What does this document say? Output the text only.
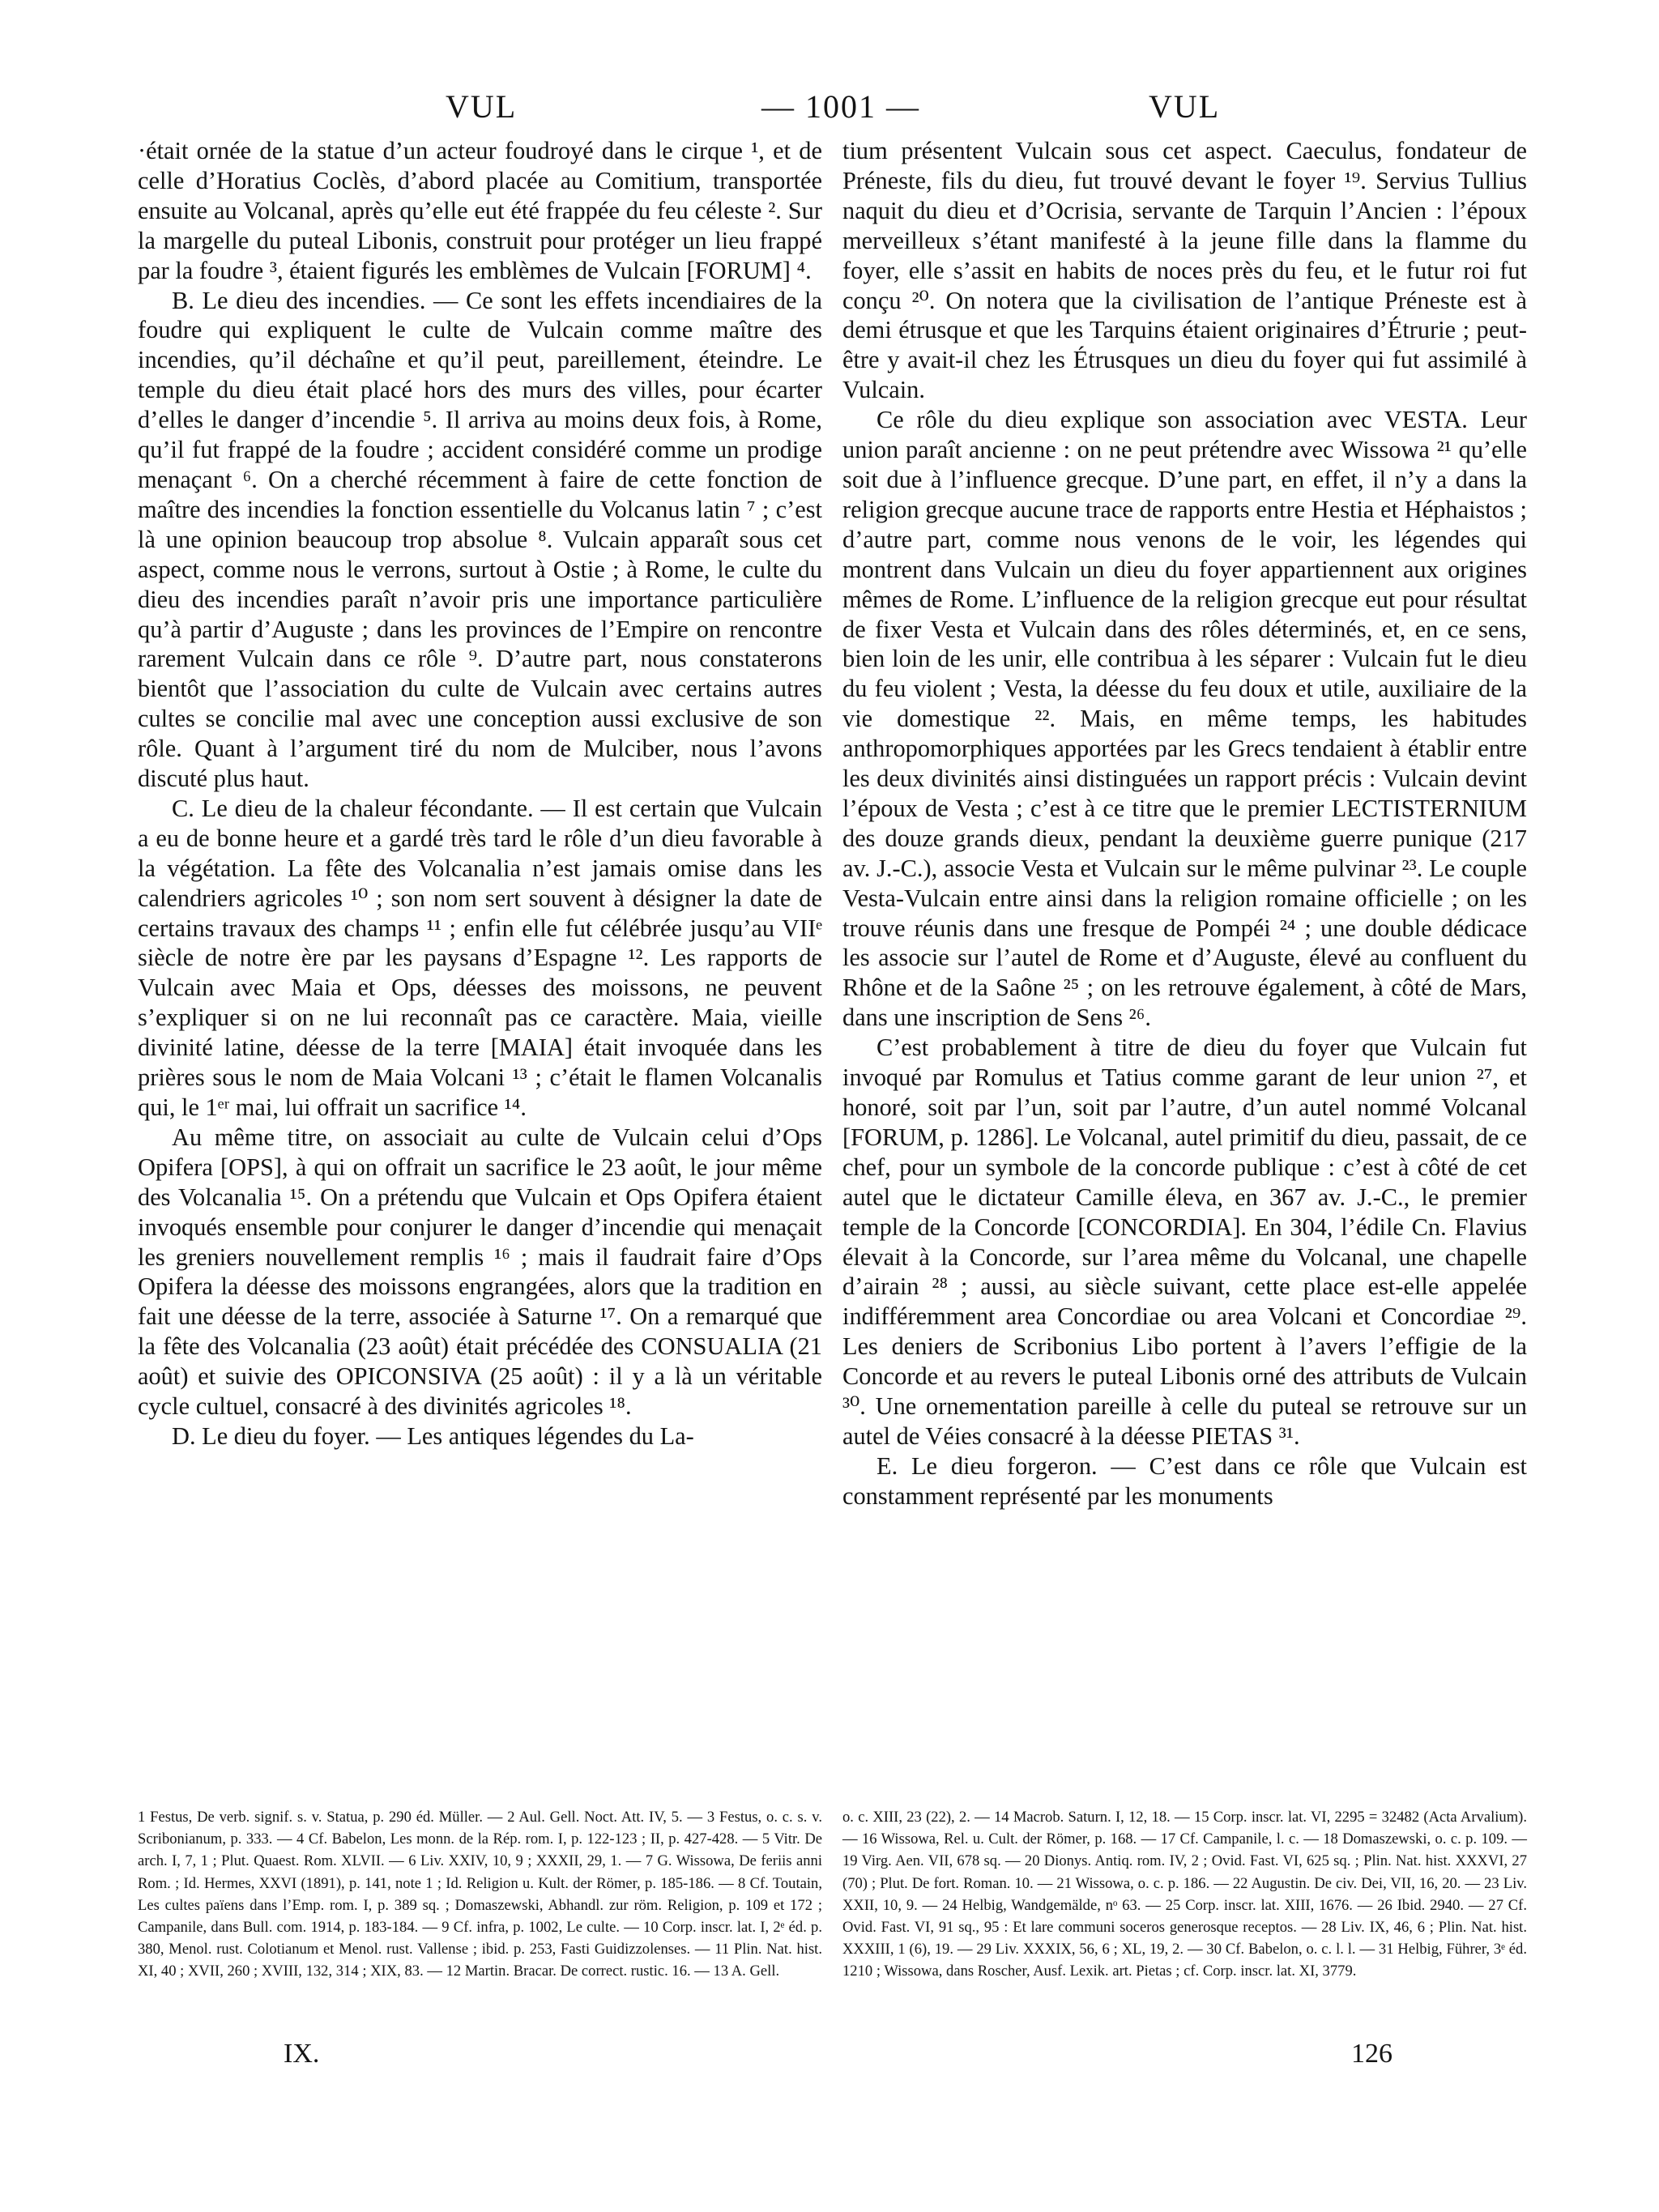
VUL	— 1001 —	VUL

·était ornée de la statue d’un acteur foudroyé dans le cirque ¹, et de celle d’Horatius Coclès, d’abord placée au Comitium, transportée ensuite au Volcanal, après qu’elle eut été frappée du feu céleste ². Sur la margelle du puteal Libonis, construit pour protéger un lieu frappé par la foudre ³, étaient figurés les emblèmes de Vulcain [FORUM] ⁴.

B. Le dieu des incendies. — Ce sont les effets incendiaires de la foudre qui expliquent le culte de Vulcain comme maître des incendies, qu’il déchaîne et qu’il peut, pareillement, éteindre. Le temple du dieu était placé hors des murs des villes, pour écarter d’elles le danger d’incendie ⁵. Il arriva au moins deux fois, à Rome, qu’il fut frappé de la foudre ; accident considéré comme un prodige menaçant ⁶. On a cherché récemment à faire de cette fonction de maître des incendies la fonction essentielle du Volcanus latin ⁷ ; c’est là une opinion beaucoup trop absolue ⁸. Vulcain apparaît sous cet aspect, comme nous le verrons, surtout à Ostie ; à Rome, le culte du dieu des incendies paraît n’avoir pris une importance particulière qu’à partir d’Auguste ; dans les provinces de l’Empire on rencontre rarement Vulcain dans ce rôle ⁹. D’autre part, nous constaterons bientôt que l’association du culte de Vulcain avec certains autres cultes se concilie mal avec une conception aussi exclusive de son rôle. Quant à l’argument tiré du nom de Mulciber, nous l’avons discuté plus haut.

C. Le dieu de la chaleur fécondante. — Il est certain que Vulcain a eu de bonne heure et a gardé très tard le rôle d’un dieu favorable à la végétation. La fête des Volcanalia n’est jamais omise dans les calendriers agricoles ¹⁰ ; son nom sert souvent à désigner la date de certains travaux des champs ¹¹ ; enfin elle fut célébrée jusqu’au VIIᵉ siècle de notre ère par les paysans d’Espagne ¹². Les rapports de Vulcain avec Maia et Ops, déesses des moissons, ne peuvent s’expliquer si on ne lui reconnaît pas ce caractère. Maia, vieille divinité latine, déesse de la terre [MAIA] était invoquée dans les prières sous le nom de Maia Volcani ¹³ ; c’était le flamen Volcanalis qui, le 1ᵉʳ mai, lui offrait un sacrifice ¹⁴.

Au même titre, on associait au culte de Vulcain celui d’Ops Opifera [OPS], à qui on offrait un sacrifice le 23 août, le jour même des Volcanalia ¹⁵. On a prétendu que Vulcain et Ops Opifera étaient invoqués ensemble pour conjurer le danger d’incendie qui menaçait les greniers nouvellement remplis ¹⁶ ; mais il faudrait faire d’Ops Opifera la déesse des moissons engrangées, alors que la tradition en fait une déesse de la terre, associée à Saturne ¹⁷. On a remarqué que la fête des Volcanalia (23 août) était précédée des CONSUALIA (21 août) et suivie des OPICONSIVA (25 août) : il y a là un véritable cycle cultuel, consacré à des divinités agricoles ¹⁸.

D. Le dieu du foyer. — Les antiques légendes du La-

tium présentent Vulcain sous cet aspect. Caeculus, fondateur de Préneste, fils du dieu, fut trouvé devant le foyer ¹⁹. Servius Tullius naquit du dieu et d’Ocrisia, servante de Tarquin l’Ancien : l’époux merveilleux s’étant manifesté à la jeune fille dans la flamme du foyer, elle s’assit en habits de noces près du feu, et le futur roi fut conçu ²⁰. On notera que la civilisation de l’antique Préneste est à demi étrusque et que les Tarquins étaient originaires d’Étrurie ; peut-être y avait-il chez les Étrusques un dieu du foyer qui fut assimilé à Vulcain.

Ce rôle du dieu explique son association avec VESTA. Leur union paraît ancienne : on ne peut prétendre avec Wissowa ²¹ qu’elle soit due à l’influence grecque. D’une part, en effet, il n’y a dans la religion grecque aucune trace de rapports entre Hestia et Héphaistos ; d’autre part, comme nous venons de le voir, les légendes qui montrent dans Vulcain un dieu du foyer appartiennent aux origines mêmes de Rome. L’influence de la religion grecque eut pour résultat de fixer Vesta et Vulcain dans des rôles déterminés, et, en ce sens, bien loin de les unir, elle contribua à les séparer : Vulcain fut le dieu du feu violent ; Vesta, la déesse du feu doux et utile, auxiliaire de la vie domestique ²². Mais, en même temps, les habitudes anthropomorphiques apportées par les Grecs tendaient à établir entre les deux divinités ainsi distinguées un rapport précis : Vulcain devint l’époux de Vesta ; c’est à ce titre que le premier LECTISTERNIUM des douze grands dieux, pendant la deuxième guerre punique (217 av. J.-C.), associe Vesta et Vulcain sur le même pulvinar ²³. Le couple Vesta-Vulcain entre ainsi dans la religion romaine officielle ; on les trouve réunis dans une fresque de Pompéi ²⁴ ; une double dédicace les associe sur l’autel de Rome et d’Auguste, élevé au confluent du Rhône et de la Saône ²⁵ ; on les retrouve également, à côté de Mars, dans une inscription de Sens ²⁶.

C’est probablement à titre de dieu du foyer que Vulcain fut invoqué par Romulus et Tatius comme garant de leur union ²⁷, et honoré, soit par l’un, soit par l’autre, d’un autel nommé Volcanal [FORUM, p. 1286]. Le Volcanal, autel primitif du dieu, passait, de ce chef, pour un symbole de la concorde publique : c’est à côté de cet autel que le dictateur Camille éleva, en 367 av. J.-C., le premier temple de la Concorde [CONCORDIA]. En 304, l’édile Cn. Flavius élevait à la Concorde, sur l’area même du Volcanal, une chapelle d’airain ²⁸ ; aussi, au siècle suivant, cette place est-elle appelée indifféremment area Concordiae ou area Volcani et Concordiae ²⁹. Les deniers de Scribonius Libo portent à l’avers l’effigie de la Concorde et au revers le puteal Libonis orné des attributs de Vulcain ³⁰. Une ornementation pareille à celle du puteal se retrouve sur un autel de Véies consacré à la déesse PIETAS ³¹.

E. Le dieu forgeron. — C’est dans ce rôle que Vulcain est constamment représenté par les monuments

1 Festus, De verb. signif. s. v. Statua, p. 290 éd. Müller. — 2 Aul. Gell. Noct. Att. IV, 5. — 3 Festus, o. c. s. v. Scribonianum, p. 333. — 4 Cf. Babelon, Les monn. de la Rép. rom. I, p. 122-123 ; II, p. 427-428. — 5 Vitr. De arch. I, 7, 1 ; Plut. Quaest. Rom. XLVII. — 6 Liv. XXIV, 10, 9 ; XXXII, 29, 1. — 7 G. Wissowa, De feriis anni Rom. ; Id. Hermes, XXVI (1891), p. 141, note 1 ; Id. Religion u. Kult. der Römer, p. 185-186. — 8 Cf. Toutain, Les cultes païens dans l’Emp. rom. I, p. 389 sq. ; Domaszewski, Abhandl. zur röm. Religion, p. 109 et 172 ; Campanile, dans Bull. com. 1914, p. 183-184. — 9 Cf. infra, p. 1002, Le culte. — 10 Corp. inscr. lat. I, 2ᵉ éd. p. 380, Menol. rust. Colotianum et Menol. rust. Vallense ; ibid. p. 253, Fasti Guidizzolenses. — 11 Plin. Nat. hist. XI, 40 ; XVII, 260 ; XVIII, 132, 314 ; XIX, 83. — 12 Martin. Bracar. De correct. rustic. 16. — 13 A. Gell.
o. c. XIII, 23 (22), 2. — 14 Macrob. Saturn. I, 12, 18. — 15 Corp. inscr. lat. VI, 2295 = 32482 (Acta Arvalium). — 16 Wissowa, Rel. u. Cult. der Römer, p. 168. — 17 Cf. Campanile, l. c. — 18 Domaszewski, o. c. p. 109. — 19 Virg. Aen. VII, 678 sq. — 20 Dionys. Antiq. rom. IV, 2 ; Ovid. Fast. VI, 625 sq. ; Plin. Nat. hist. XXXVI, 27 (70) ; Plut. De fort. Roman. 10. — 21 Wissowa, o. c. p. 186. — 22 Augustin. De civ. Dei, VII, 16, 20. — 23 Liv. XXII, 10, 9. — 24 Helbig, Wandgemälde, nᵒ 63. — 25 Corp. inscr. lat. XIII, 1676. — 26 Ibid. 2940. — 27 Cf. Ovid. Fast. VI, 91 sq., 95 : Et lare communi soceros generosque receptos. — 28 Liv. IX, 46, 6 ; Plin. Nat. hist. XXXIII, 1 (6), 19. — 29 Liv. XXXIX, 56, 6 ; XL, 19, 2. — 30 Cf. Babelon, o. c. l. l. — 31 Helbig, Führer, 3ᵉ éd. 1210 ; Wissowa, dans Roscher, Ausf. Lexik. art. Pietas ; cf. Corp. inscr. lat. XI, 3779.
IX.	126
